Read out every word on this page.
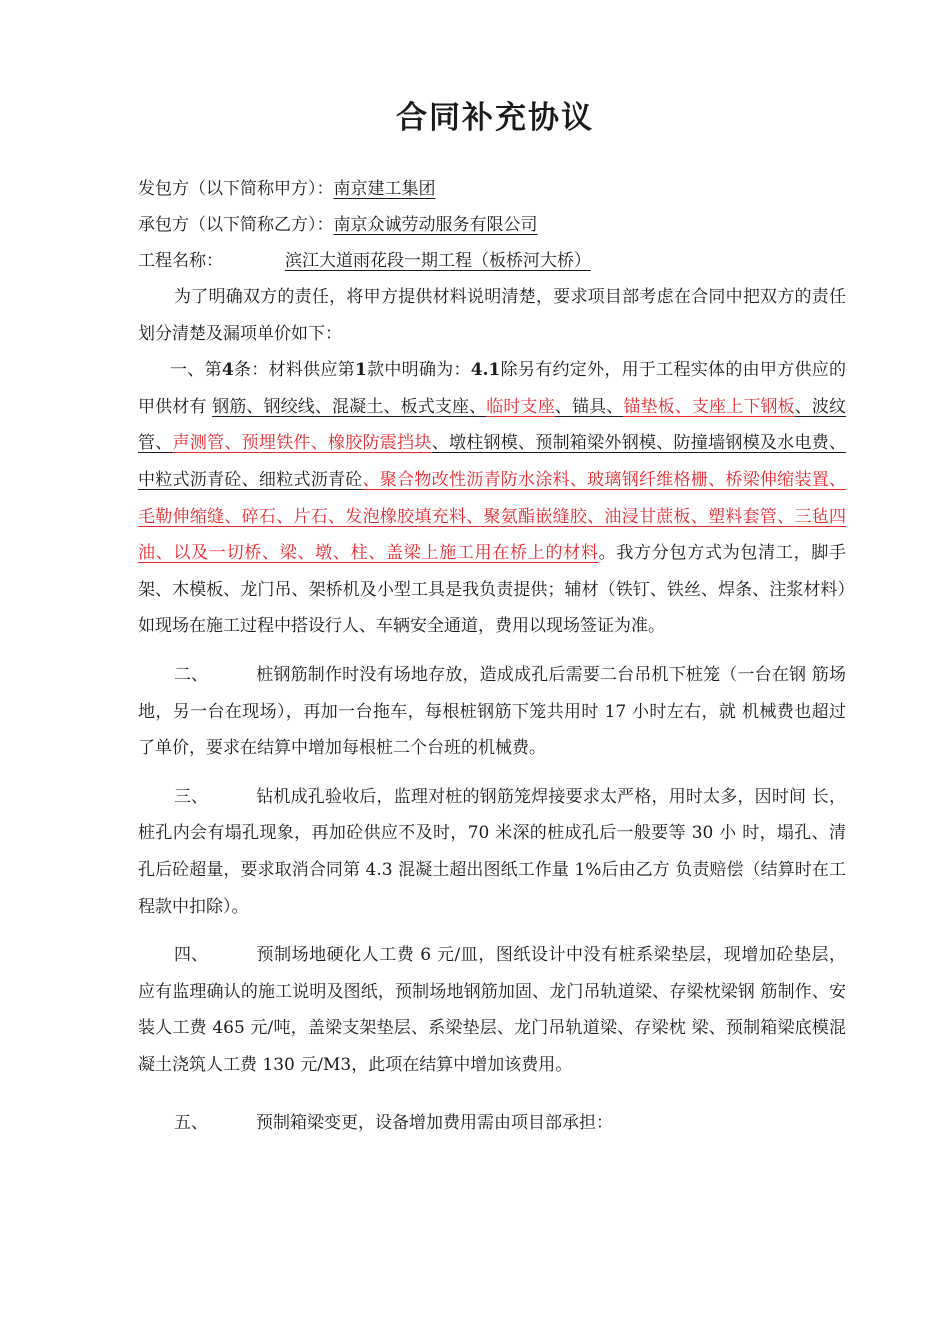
合同补充协议
发包方（以下简称甲方）：南京建工集团
承包方（以下简称乙方）：南京众诚劳动服务有限公司
工程名称：	滨江大道雨花段一期工程（板桥河大桥）

为了明确双方的责任，将甲方提供材料说明清楚，要求项目部考虑在合同中把双方的责任划分清楚及漏项单价如下：

一、第4条：材料供应第1款中明确为：4.1除另有约定外，用于工程实体的由甲方供应的甲供材有 钢筋、钢绞线、混凝土、板式支座、临时支座、锚具、锚垫板、支座上下钢板、波纹管、声测管、预埋铁件、橡胶防震挡块、墩柱钢模、预制箱梁外钢模、防撞墙钢模及水电费、中粒式沥青砼、细粒式沥青砼、聚合物改性沥青防水涂料、玻璃钢纤维格栅、桥梁伸缩装置、毛勒伸缩缝、碎石、片石、发泡橡胶填充料、聚氨酯嵌缝胶、油浸甘蔗板、塑料套管、三毡四油、以及一切桥、梁、墩、柱、盖梁上施工用在桥上的材料。我方分包方式为包清工，脚手架、木模板、龙门吊、架桥机及小型工具是我负责提供；辅材（铁钉、铁丝、焊条、注浆材料）如现场在施工过程中搭设行人、车辆安全通道，费用以现场签证为准。

二、	桩钢筋制作时没有场地存放，造成成孔后需要二台吊机下桩笼（一台在钢 筋场地，另一台在现场），再加一台拖车，每根桩钢筋下笼共用时 17 小时左右，就 机械费也超过了单价，要求在结算中增加每根桩二个台班的机械费。

三、	钻机成孔验收后，监理对桩的钢筋笼焊接要求太严格，用时太多，因时间 长，桩孔内会有塌孔现象，再加砼供应不及时，70 米深的桩成孔后一般要等 30 小 时，塌孔、清孔后砼超量，要求取消合同第 4.3 混凝土超出图纸工作量 1%后由乙方 负责赔偿（结算时在工程款中扣除）。

四、	预制场地硬化人工费 6 元/皿，图纸设计中没有桩系梁垫层，现增加砼垫层， 应有监理确认的施工说明及图纸，预制场地钢筋加固、龙门吊轨道梁、存梁枕梁钢 筋制作、安装人工费 465 元/吨，盖梁支架垫层、系梁垫层、龙门吊轨道梁、存梁枕 梁、预制箱梁底模混凝土浇筑人工费 130 元/M3，此项在结算中增加该费用。

五、	预制箱梁变更，设备增加费用需由项目部承担：
